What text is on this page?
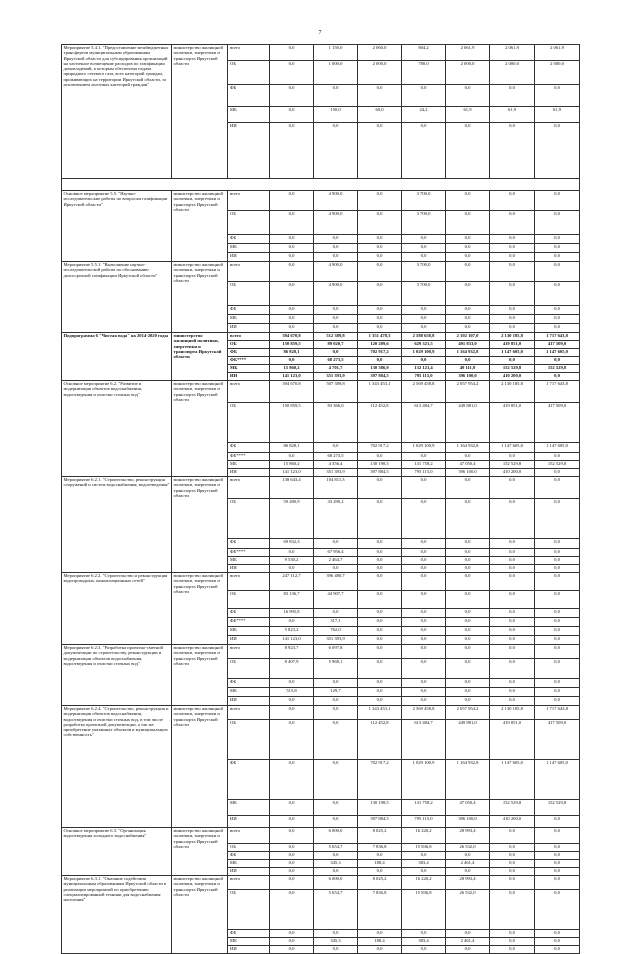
7
Мероприятие 5.4.1. "Предоставление межбюджетных трансфертов муниципальным образованиям Иркутской области для субсидирования организаций на частичное возмещение расходов по газификации домовладений, к которым обеспечена подача природного сетевого газа, всех категорий граждан, проживающих на территории Иркутской области, за исключением льготных категорий граждан"	министерство жилищной политики, энергетики и транспорта Иркутской области	всего	0,0	1 150,0	2 060,0	804,2	2 061,9	2 061,9	2 061,9
		ОБ	0,0	1 000,0	2 000,0	780,0	2 000,0	2 000,0	2 000,0
		ФБ	0,0	0,0	0,0	0,0	0,0	0,0	0,0
		МБ	0,0	150,0	60,0	24,2	61,9	61,9	61,9
		ИИ	0,0	0,0	0,0	0,0	0,0	0,0	0,0

Основное мероприятие 5.5. "Научно-исследовательские работы по вопросам газификации Иркутской области"	министерство жилищной политики, энергетики и транспорта Иркутской области	всего	0,0	4 900,0	0,0	3 700,0	0,0	0,0	0,0
		ОБ	0,0	4 900,0	0,0	3 700,0	0,0	0,0	0,0
		ФБ	0,0	0,0	0,0	0,0	0,0	0,0	0,0
		МБ	0,0	0,0	0,0	0,0	0,0	0,0	0,0
		ИИ	0,0	0,0	0,0	0,0	0,0	0,0	0,0
Мероприятие 5.5.1. "Выполнение научно-исследовательской работы по обоснованию долгосрочной газификации Иркутской области"	министерство жилищной политики, энергетики и транспорта Иркутской области	всего	0,0	4 900,0	0,0	3 700,0	0,0	0,0	0,0
		ОБ	0,0	4 900,0	0,0	3 700,0	0,0	0,0	0,0
		ФБ	0,0	0,0	0,0	0,0	0,0	0,0	0,0
		МБ	0,0	0,0	0,0	0,0	0,0	0,0	0,0
		ИИ	0,0	0,0	0,0	0,0	0,0	0,0	0,0
Подпрограмма 6 "Чистая вода" на 2014-2020 годы	министерство жилищной политики, энергетики и транспорта Иркутской области	всего	394 670,8	512 389,8	1 351 478,3	2 588 658,8	2 102 107,0	2 130 185,8	1 717 643,8
		ОБ	150 859,5	89 020,7	120 289,6	629 321,5	491 833,0	419 851,0	417 509,0
		ФБ	86 828,1	0,0	702 917,2	1 029 100,9	1 164 932,8	1 147 605,0	1 147 605,0
		ФБ****	0,0	68 273,5	0,0	0,0	0,0	0,0	0,0
		МБ	15 860,2	4 701,7	130 386,9	132 121,4	49 111,8	152 529,8	152 529,8
		ИИ	141 123,0	351 393,9	397 884,5	795 115,0	396 100,0	410 200,0	0,0
Основное мероприятие 6.2. "Развитие и модернизация объектов водоснабжения, водоотведения и очистки сточных вод"	министерство жилищной политики, энергетики и транспорта Иркутской области	всего	394 670,8	507 389,8	1 343 453,1	2 569 458,8	2 057 954,2	2 130 185,8	1 717 643,8
		ОБ	150 859,5	83 366,0	112 452,8	613 484,7	449 881,0	419 851,0	417 509,0
		ФБ	86 828,1	0,0	702 917,2	1 029 100,9	1 164 932,8	1 147 605,0	1 147 605,0
		ФБ****	0,0	68 273,5	0,0	0,0	0,0	0,0	0,0
		МБ	15 860,2	4 356,4	130 198,5	131 758,2	47 050,4	152 529,8	152 529,8
		ИИ	141 123,0	351 393,9	397 884,5	795 115,0	396 100,0	410 200,0	0,0
Мероприятие 6.2.1. "Строительство, реконструкция сооружений и систем водоснабжения, водоотведения"	министерство жилищной политики, энергетики и транспорта Иркутской области	всего	138 643,4	104 811,3	0,0	0,0	0,0	0,0	0,0
		ОБ	59 280,9	33 290,2	0,0	0,0	0,0	0,0	0,0
		ФБ	69 832,3	0,0	0,0	0,0	0,0	0,0	0,0
		ФБ****	0,0	67 956,4	0,0	0,0	0,0	0,0	0,0
		МБ	9 530,2	2 464,7	0,0	0,0	0,0	0,0	0,0
		ИИ	0,0	0,0	0,0	0,0	0,0	0,0	0,0
Мероприятие 6.2.2. "Строительство и реконструкция водопроводных, канализационных сетей"	министерство жилищной политики, энергетики и транспорта Иркутской области	всего	247 112,7	396 480,7	0,0	0,0	0,0	0,0	0,0
		ОБ	83 136,7	44 907,7	0,0	0,0	0,0	0,0	0,0
		ФБ	16 995,8	0,0	0,0	0,0	0,0	0,0	0,0
		ФБ****	0,0	317,1	0,0	0,0	0,0	0,0	0,0
		МБ	5 823,2	762,0	0,0	0,0	0,0	0,0	0,0
		ИИ	141 123,0	351 393,9	0,0	0,0	0,0	0,0	0,0
Мероприятие 6.2.3. "Разработка проектно-сметной документации по строительству, реконструкции и модернизации объектов водоснабжения, водоотведения и очистки сточных вод"	министерство жилищной политики, энергетики и транспорта Иркутской области	всего	8 923,7	6 097,8	0,0	0,0	0,0	0,0	0,0
		ОБ	8 407,9	5 968,1	0,0	0,0	0,0	0,0	0,0
		ФБ	0,0	0,0	0,0	0,0	0,0	0,0	0,0
		МБ	515,8	129,7	0,0	0,0	0,0	0,0	0,0
		ИИ	0,0	0,0	0,0	0,0	0,0	0,0	0,0
Мероприятие 6.2.4. "Строительство, реконструкция и модернизация объектов водоснабжения, водоотведения и очистки сточных вод, в том числе разработка проектной документации, а так же приобретение указанных объектов в муниципальную собственность"	министерство жилищной политики, энергетики и транспорта Иркутской области	всего	0,0	0,0	1 343 453,1	2 569 458,8	2 057 954,2	2 130 185,8	1 717 643,8
		ОБ	0,0	0,0	112 452,8	613 484,7	449 881,0	419 851,0	417 509,0
		ФБ	0,0	0,0	702 917,2	1 029 100,9	1 164 932,8	1 147 605,0	1 147 605,0
		МБ	0,0	0,0	130 198,5	131 758,2	47 050,4	152 529,8	152 529,8
		ИИ	0,0	0,0	397 884,5	795 115,0	396 100,0	410 200,0	0,0
Основное мероприятие 6.3. "Организация водоотведения холодного водоснабжения"	министерство жилищной политики, энергетики и транспорта Иркутской области	всего	0,0	6 000,0	8 025,2	16 220,2	28 993,4	0,0	0,0
		ОБ	0,0	5 654,7	7 836,8	15 836,8	26 532,0	0,0	0,0
		ФБ	0,0	0,0	0,0	0,0	0,0	0,0	0,0
		МБ	0,0	345,3	188,4	383,4	2 461,4	0,0	0,0
		ИИ	0,0	0,0	0,0	0,0	0,0	0,0	0,0
Мероприятие 6.3.1. "Оказание содействия муниципальным образованиям Иркутской области в реализации мероприятий по приобретению специализированной техники для водоснабжения населения"	министерство жилищной политики, энергетики и транспорта Иркутской области	всего	0,0	6 000,0	8 025,2	16 220,2	28 993,4	0,0	0,0
		ОБ	0,0	5 654,7	7 836,8	15 836,8	26 532,0	0,0	0,0
		ФБ	0,0	0,0	0,0	0,0	0,0	0,0	0,0
		МБ	0,0	345,3	188,4	383,4	2 461,4	0,0	0,0
		ИИ	0,0	0,0	0,0	0,0	0,0	0,0	0,0
